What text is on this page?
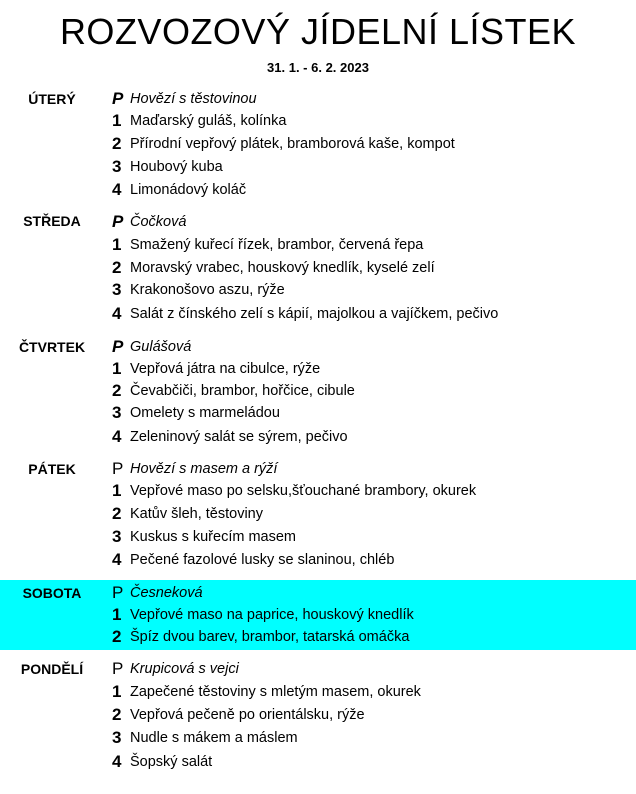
ROZVOZOVÝ JÍDELNÍ LÍSTEK
31. 1. - 6. 2. 2023
ÚTERÝ	P Hovězí s těstovinou
1 Maďarský guláš, kolínka
2 Přírodní vepřový plátek, bramborová kaše, kompot
3 Houbový kuba
4 Limonádový koláč
STŘEDA	P Čočková
1 Smažený kuřecí řízek, brambor, červená řepa
2 Moravský vrabec, houskový knedlík, kyselé zelí
3 Krakonošovo aszu, rýže
4 Salát z čínského zelí s kápií, majolkou a vajíčkem, pečivo
ČTVRTEK	P Gulášová
1 Vepřová játra na cibulce, rýže
2 Čevabčiči, brambor, hořčice, cibule
3 Omelety s marmeládou
4 Zeleninový salát se sýrem, pečivo
PÁTEK	P Hovězí s masem a rýží
1 Vepřové maso po selsku,šťouchané brambory, okurek
2 Katův šleh, těstoviny
3 Kuskus s kuřecím masem
4 Pečené fazolové lusky se slaninou, chléb
SOBOTA	P Česneková
1 Vepřové maso na paprice, houskový knedlík
2 Špíz dvou barev, brambor, tatarská omáčka
PONDĚLÍ	P Krupicová s vejci
1 Zapečené těstoviny s mletým masem, okurek
2 Vepřová pečeně po orientálsku, rýže
3 Nudle s mákem a máslem
4 Šopský salát
